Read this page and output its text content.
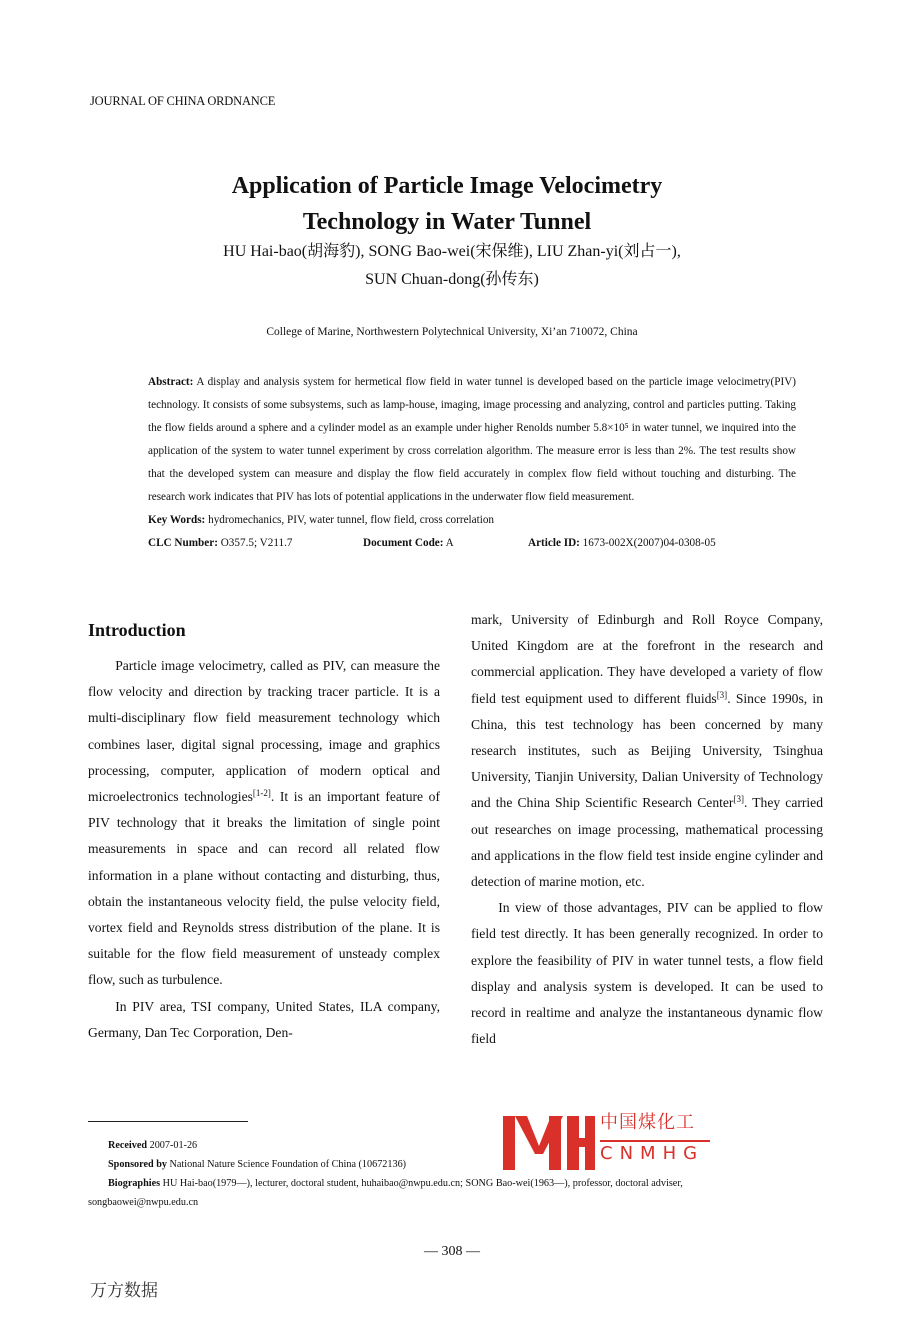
JOURNAL OF CHINA ORDNANCE
Application of Particle Image Velocimetry
Technology in Water Tunnel
HU Hai-bao(胡海豹), SONG Bao-wei(宋保维), LIU Zhan-yi(刘占一),
SUN Chuan-dong(孙传东)
College of Marine, Northwestern Polytechnical University, Xi’an 710072, China
Abstract: A display and analysis system for hermetical flow field in water tunnel is developed based on the particle image velocimetry(PIV) technology. It consists of some subsystems, such as lamp-house, imaging, image processing and analyzing, control and particles putting. Taking the flow fields around a sphere and a cylinder model as an example under higher Renolds number 5.8×10⁵ in water tunnel, we inquired into the application of the system to water tunnel experiment by cross correlation algorithm. The measure error is less than 2%. The test results show that the developed system can measure and display the flow field accurately in complex flow field without touching and disturbing. The research work indicates that PIV has lots of potential applications in the underwater flow field measurement.
Key Words: hydromechanics, PIV, water tunnel, flow field, cross correlation
CLC Number: O357.5; V211.7	Document Code: A	Article ID: 1673-002X(2007)04-0308-05

Introduction

Particle image velocimetry, called as PIV, can measure the flow velocity and direction by tracking tracer particle. It is a multi-disciplinary flow field measurement technology which combines laser, digital signal processing, image and graphics processing, computer, application of modern optical and microelectronics technologies[1-2]. It is an important feature of PIV technology that it breaks the limitation of single point measurements in space and can record all related flow information in a plane without contacting and disturbing, thus, obtain the instantaneous velocity field, the pulse velocity field, vortex field and Reynolds stress distribution of the plane. It is suitable for the flow field measurement of unsteady complex flow, such as turbulence.

In PIV area, TSI company, United States, ILA company, Germany, Dan Tec Corporation, Den-

mark, University of Edinburgh and Roll Royce Company, United Kingdom are at the forefront in the research and commercial application. They have developed a variety of flow field test equipment used to different fluids[3]. Since 1990s, in China, this test technology has been concerned by many research institutes, such as Beijing University, Tsinghua University, Tianjin University, Dalian University of Technology and the China Ship Scientific Research Center[3]. They carried out researches on image processing, mathematical processing and applications in the flow field test inside engine cylinder and detection of marine motion, etc.

In view of those advantages, PIV can be applied to flow field test directly. It has been generally recognized. In order to explore the feasibility of PIV in water tunnel tests, a flow field display and analysis system is developed. It can be used to record in realtime and analyze the instantaneous dynamic flow field

中国煤化工
CNMHG
Received 2007-01-26
Sponsored by National Nature Science Foundation of China (10672136)
Biographies HU Hai-bao(1979—), lecturer, doctoral student, huhaibao@nwpu.edu.cn; SONG Bao-wei(1963—), professor, doctoral adviser,
songbaowei@nwpu.edu.cn
— 308 —
万方数据
